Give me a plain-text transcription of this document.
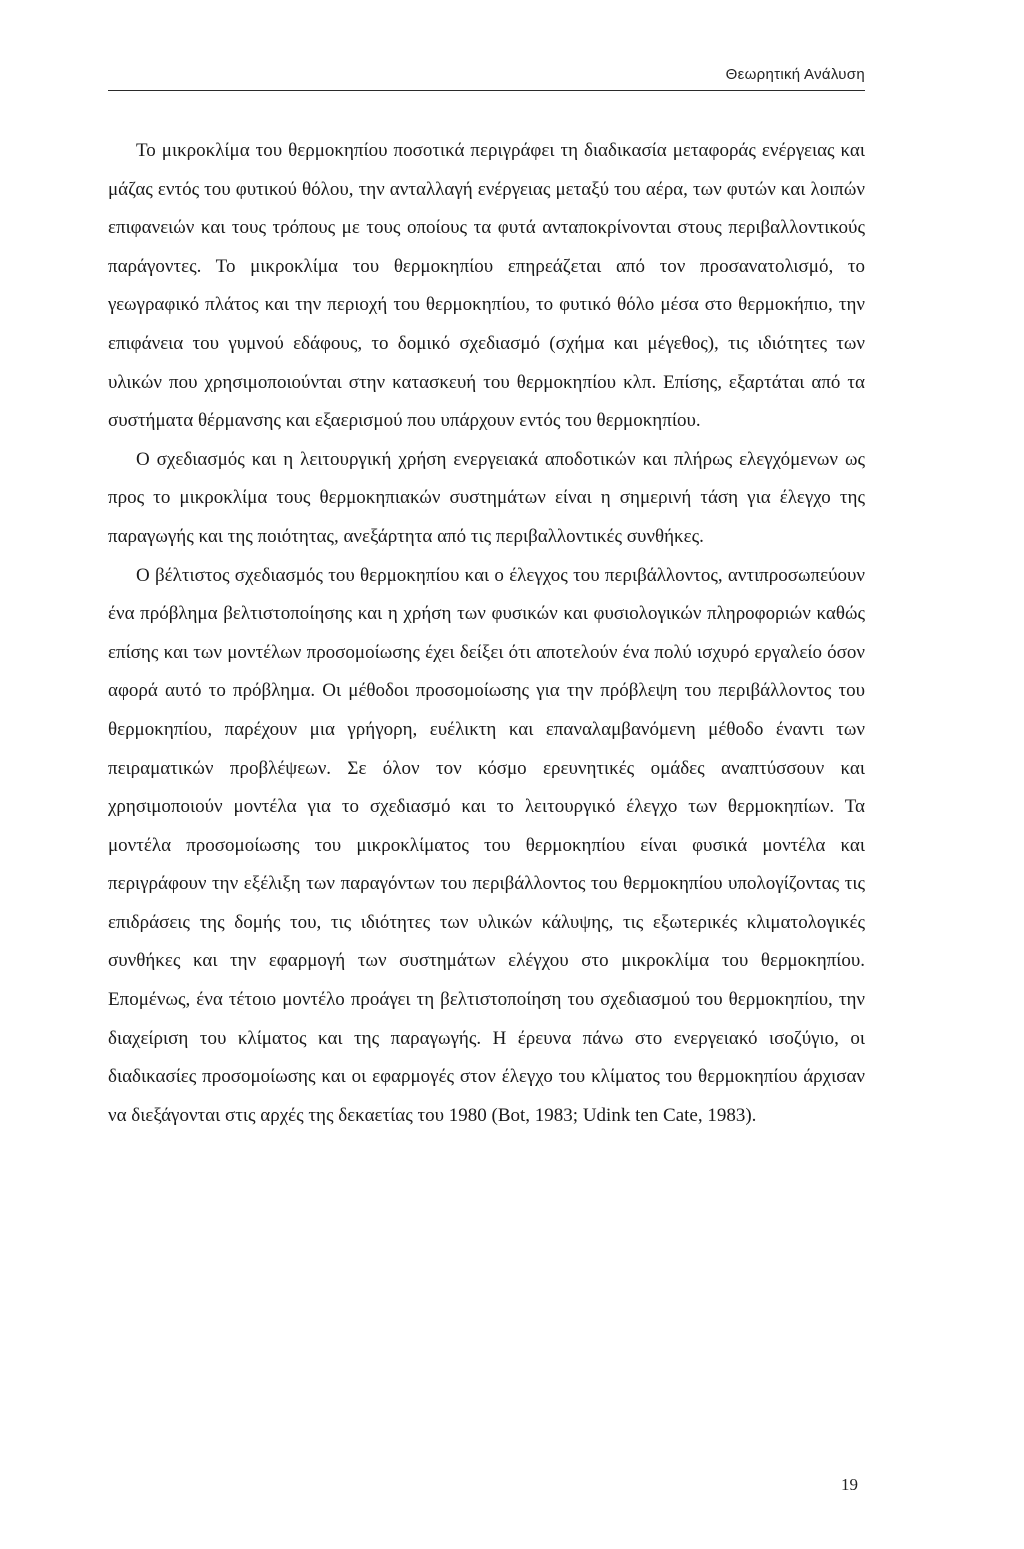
Θεωρητική Ανάλυση

Το μικροκλίμα του θερμοκηπίου ποσοτικά περιγράφει τη διαδικασία μεταφοράς ενέργειας και μάζας εντός του φυτικού θόλου, την ανταλλαγή ενέργειας μεταξύ του αέρα, των φυτών και λοιπών επιφανειών και τους τρόπους με τους οποίους τα φυτά ανταποκρίνονται στους περιβαλλοντικούς παράγοντες. Το μικροκλίμα του θερμοκηπίου επηρεάζεται από τον προσανατολισμό, το γεωγραφικό πλάτος και την περιοχή του θερμοκηπίου, το φυτικό θόλο μέσα στο θερμοκήπιο, την επιφάνεια του γυμνού εδάφους, το δομικό σχεδιασμό (σχήμα και μέγεθος), τις ιδιότητες των υλικών που χρησιμοποιούνται στην κατασκευή του θερμοκηπίου κλπ. Επίσης, εξαρτάται από τα συστήματα θέρμανσης και εξαερισμού που υπάρχουν εντός του θερμοκηπίου.

Ο σχεδιασμός και η λειτουργική χρήση ενεργειακά αποδοτικών και πλήρως ελεγχόμενων ως προς το μικροκλίμα τους θερμοκηπιακών συστημάτων είναι η σημερινή τάση για έλεγχο της παραγωγής και της ποιότητας, ανεξάρτητα από τις περιβαλλοντικές συνθήκες.

Ο βέλτιστος σχεδιασμός του θερμοκηπίου και ο έλεγχος του περιβάλλοντος, αντιπροσωπεύουν ένα πρόβλημα βελτιστοποίησης και η χρήση των φυσικών και φυσιολογικών πληροφοριών καθώς επίσης και των μοντέλων προσομοίωσης έχει δείξει ότι αποτελούν ένα πολύ ισχυρό εργαλείο όσον αφορά αυτό το πρόβλημα. Οι μέθοδοι προσομοίωσης για την πρόβλεψη του περιβάλλοντος του θερμοκηπίου, παρέχουν μια γρήγορη, ευέλικτη και επαναλαμβανόμενη μέθοδο έναντι των πειραματικών προβλέψεων. Σε όλον τον κόσμο ερευνητικές ομάδες αναπτύσσουν και χρησιμοποιούν μοντέλα για το σχεδιασμό και το λειτουργικό έλεγχο των θερμοκηπίων. Τα μοντέλα προσομοίωσης του μικροκλίματος του θερμοκηπίου είναι φυσικά μοντέλα και περιγράφουν την εξέλιξη των παραγόντων του περιβάλλοντος του θερμοκηπίου υπολογίζοντας τις επιδράσεις της δομής του, τις ιδιότητες των υλικών κάλυψης, τις εξωτερικές κλιματολογικές συνθήκες και την εφαρμογή των συστημάτων ελέγχου στο μικροκλίμα του θερμοκηπίου. Επομένως, ένα τέτοιο μοντέλο προάγει τη βελτιστοποίηση του σχεδιασμού του θερμοκηπίου, την διαχείριση του κλίματος και της παραγωγής. Η έρευνα πάνω στο ενεργειακό ισοζύγιο, οι διαδικασίες προσομοίωσης και οι εφαρμογές στον έλεγχο του κλίματος του θερμοκηπίου άρχισαν να διεξάγονται στις αρχές της δεκαετίας του 1980 (Bot, 1983; Udink ten Cate, 1983).

19
